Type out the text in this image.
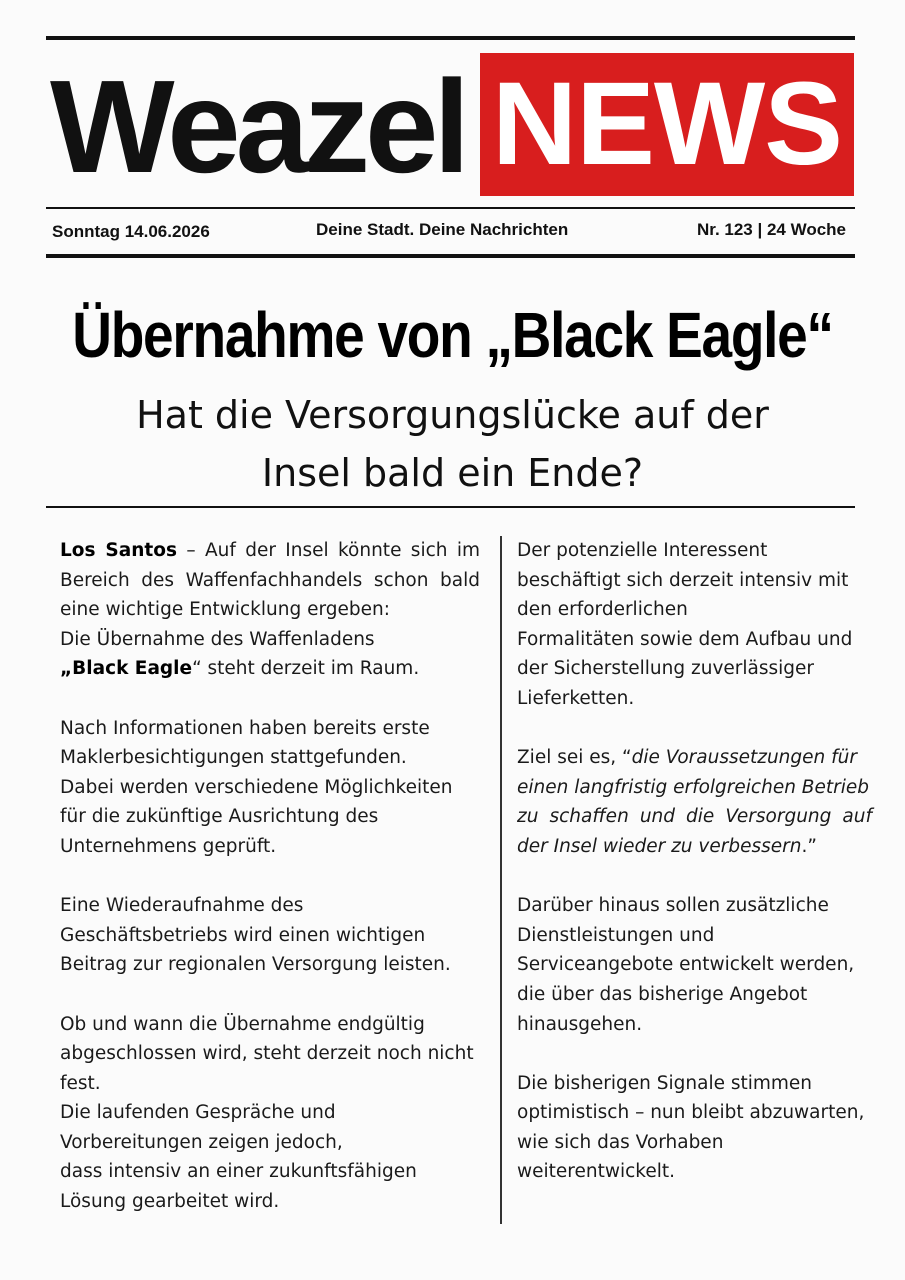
Weazel NEWS
Sonntag 14.06.2026	Deine Stadt. Deine Nachrichten	Nr. 123 | 24 Woche
Übernahme von „Black Eagle“
Hat die Versorgungslücke auf der
Insel bald ein Ende?

Los Santos – Auf der Insel könnte sich im
Bereich des Waffenfachhandels schon bald
eine wichtige Entwicklung ergeben:
Die Übernahme des Waffenladens
„Black Eagle“ steht derzeit im Raum.

Nach Informationen haben bereits erste
Maklerbesichtigungen stattgefunden.
Dabei werden verschiedene Möglichkeiten
für die zukünftige Ausrichtung des
Unternehmens geprüft.

Eine Wiederaufnahme des
Geschäftsbetriebs wird einen wichtigen
Beitrag zur regionalen Versorgung leisten.

Ob und wann die Übernahme endgültig
abgeschlossen wird, steht derzeit noch nicht
fest.
Die laufenden Gespräche und
Vorbereitungen zeigen jedoch,
dass intensiv an einer zukunftsfähigen
Lösung gearbeitet wird.

Der potenzielle Interessent
beschäftigt sich derzeit intensiv mit
den erforderlichen
Formalitäten sowie dem Aufbau und
der Sicherstellung zuverlässiger
Lieferketten.

Ziel sei es, “die Voraussetzungen für
einen langfristig erfolgreichen Betrieb
zu schaffen und die Versorgung auf
der Insel wieder zu verbessern.”

Darüber hinaus sollen zusätzliche
Dienstleistungen und
Serviceangebote entwickelt werden,
die über das bisherige Angebot
hinausgehen.

Die bisherigen Signale stimmen
optimistisch – nun bleibt abzuwarten,
wie sich das Vorhaben
weiterentwickelt.
